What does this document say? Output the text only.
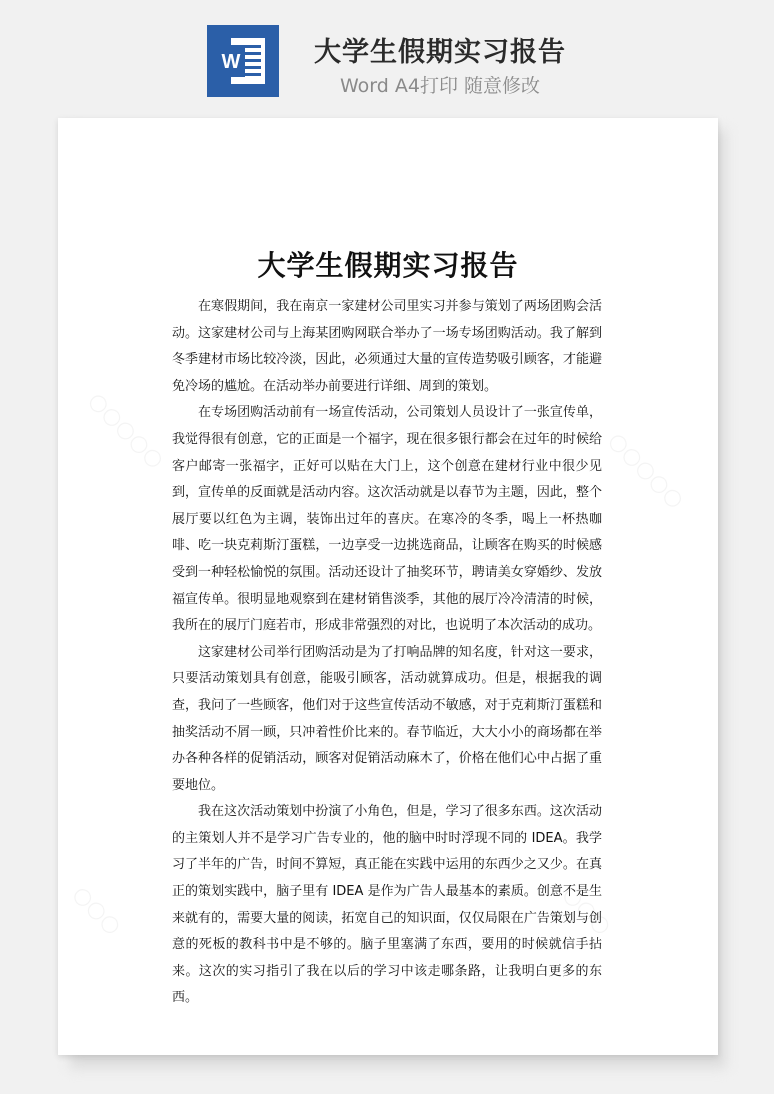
W	大学生假期实习报告
Word A4打印 随意修改
大学生假期实习报告

在寒假期间，我在南京一家建材公司里实习并参与策划了两场团购会活动。这家建材公司与上海某团购网联合举办了一场专场团购活动。我了解到冬季建材市场比较冷淡，因此，必须通过大量的宣传造势吸引顾客，才能避免冷场的尴尬。在活动举办前要进行详细、周到的策划。

在专场团购活动前有一场宣传活动，公司策划人员设计了一张宣传单，我觉得很有创意，它的正面是一个福字，现在很多银行都会在过年的时候给客户邮寄一张福字，正好可以贴在大门上，这个创意在建材行业中很少见到，宣传单的反面就是活动内容。这次活动就是以春节为主题，因此，整个展厅要以红色为主调，装饰出过年的喜庆。在寒冷的冬季，喝上一杯热咖啡、吃一块克莉斯汀蛋糕，一边享受一边挑选商品，让顾客在购买的时候感受到一种轻松愉悦的氛围。活动还设计了抽奖环节，聘请美女穿婚纱、发放福宣传单。很明显地观察到在建材销售淡季，其他的展厅冷冷清清的时候，我所在的展厅门庭若市，形成非常强烈的对比，也说明了本次活动的成功。

这家建材公司举行团购活动是为了打响品牌的知名度，针对这一要求，只要活动策划具有创意，能吸引顾客，活动就算成功。但是，根据我的调查，我问了一些顾客，他们对于这些宣传活动不敏感，对于克莉斯汀蛋糕和抽奖活动不屑一顾，只冲着性价比来的。春节临近，大大小小的商场都在举办各种各样的促销活动，顾客对促销活动麻木了，价格在他们心中占据了重要地位。

我在这次活动策划中扮演了小角色，但是，学习了很多东西。这次活动的主策划人并不是学习广告专业的，他的脑中时时浮现不同的 IDEA。我学习了半年的广告，时间不算短，真正能在实践中运用的东西少之又少。在真正的策划实践中，脑子里有 IDEA 是作为广告人最基本的素质。创意不是生来就有的，需要大量的阅读，拓宽自己的知识面，仅仅局限在广告策划与创意的死板的教科书中是不够的。脑子里塞满了东西，要用的时候就信手拈来。这次的实习指引了我在以后的学习中该走哪条路，让我明白更多的东西。
